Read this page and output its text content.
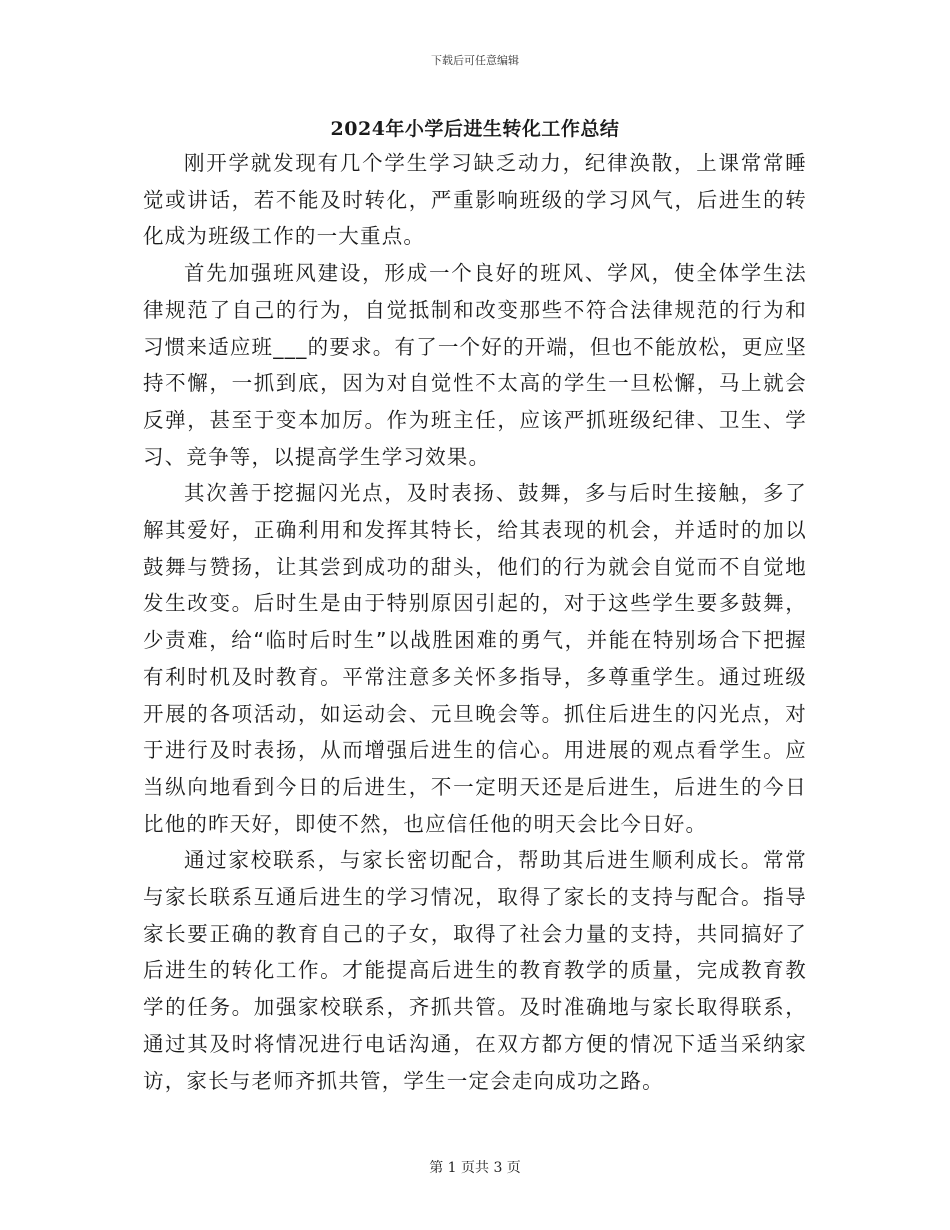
下载后可任意编辑
2024年小学后进生转化工作总结

刚开学就发现有几个学生学习缺乏动力，纪律涣散，上课常常睡觉或讲话，若不能及时转化，严重影响班级的学习风气，后进生的转化成为班级工作的一大重点。

首先加强班风建设，形成一个良好的班风、学风，使全体学生法律规范了自己的行为，自觉抵制和改变那些不符合法律规范的行为和习惯来适应班___的要求。有了一个好的开端，但也不能放松，更应坚持不懈，一抓到底，因为对自觉性不太高的学生一旦松懈，马上就会反弹，甚至于变本加厉。作为班主任，应该严抓班级纪律、卫生、学习、竞争等，以提高学生学习效果。

其次善于挖掘闪光点，及时表扬、鼓舞，多与后时生接触，多了解其爱好，正确利用和发挥其特长，给其表现的机会，并适时的加以鼓舞与赞扬，让其尝到成功的甜头，他们的行为就会自觉而不自觉地发生改变。后时生是由于特别原因引起的，对于这些学生要多鼓舞，少责难，给“临时后时生”以战胜困难的勇气，并能在特别场合下把握有利时机及时教育。平常注意多关怀多指导，多尊重学生。通过班级开展的各项活动，如运动会、元旦晚会等。抓住后进生的闪光点，对于进行及时表扬，从而增强后进生的信心。用进展的观点看学生。应当纵向地看到今日的后进生，不一定明天还是后进生，后进生的今日比他的昨天好，即使不然，也应信任他的明天会比今日好。

通过家校联系，与家长密切配合，帮助其后进生顺利成长。常常与家长联系互通后进生的学习情况，取得了家长的支持与配合。指导家长要正确的教育自己的子女，取得了社会力量的支持，共同搞好了后进生的转化工作。才能提高后进生的教育教学的质量，完成教育教学的任务。加强家校联系，齐抓共管。及时准确地与家长取得联系，通过其及时将情况进行电话沟通，在双方都方便的情况下适当采纳家访，家长与老师齐抓共管，学生一定会走向成功之路。

第 1 页共 3 页
